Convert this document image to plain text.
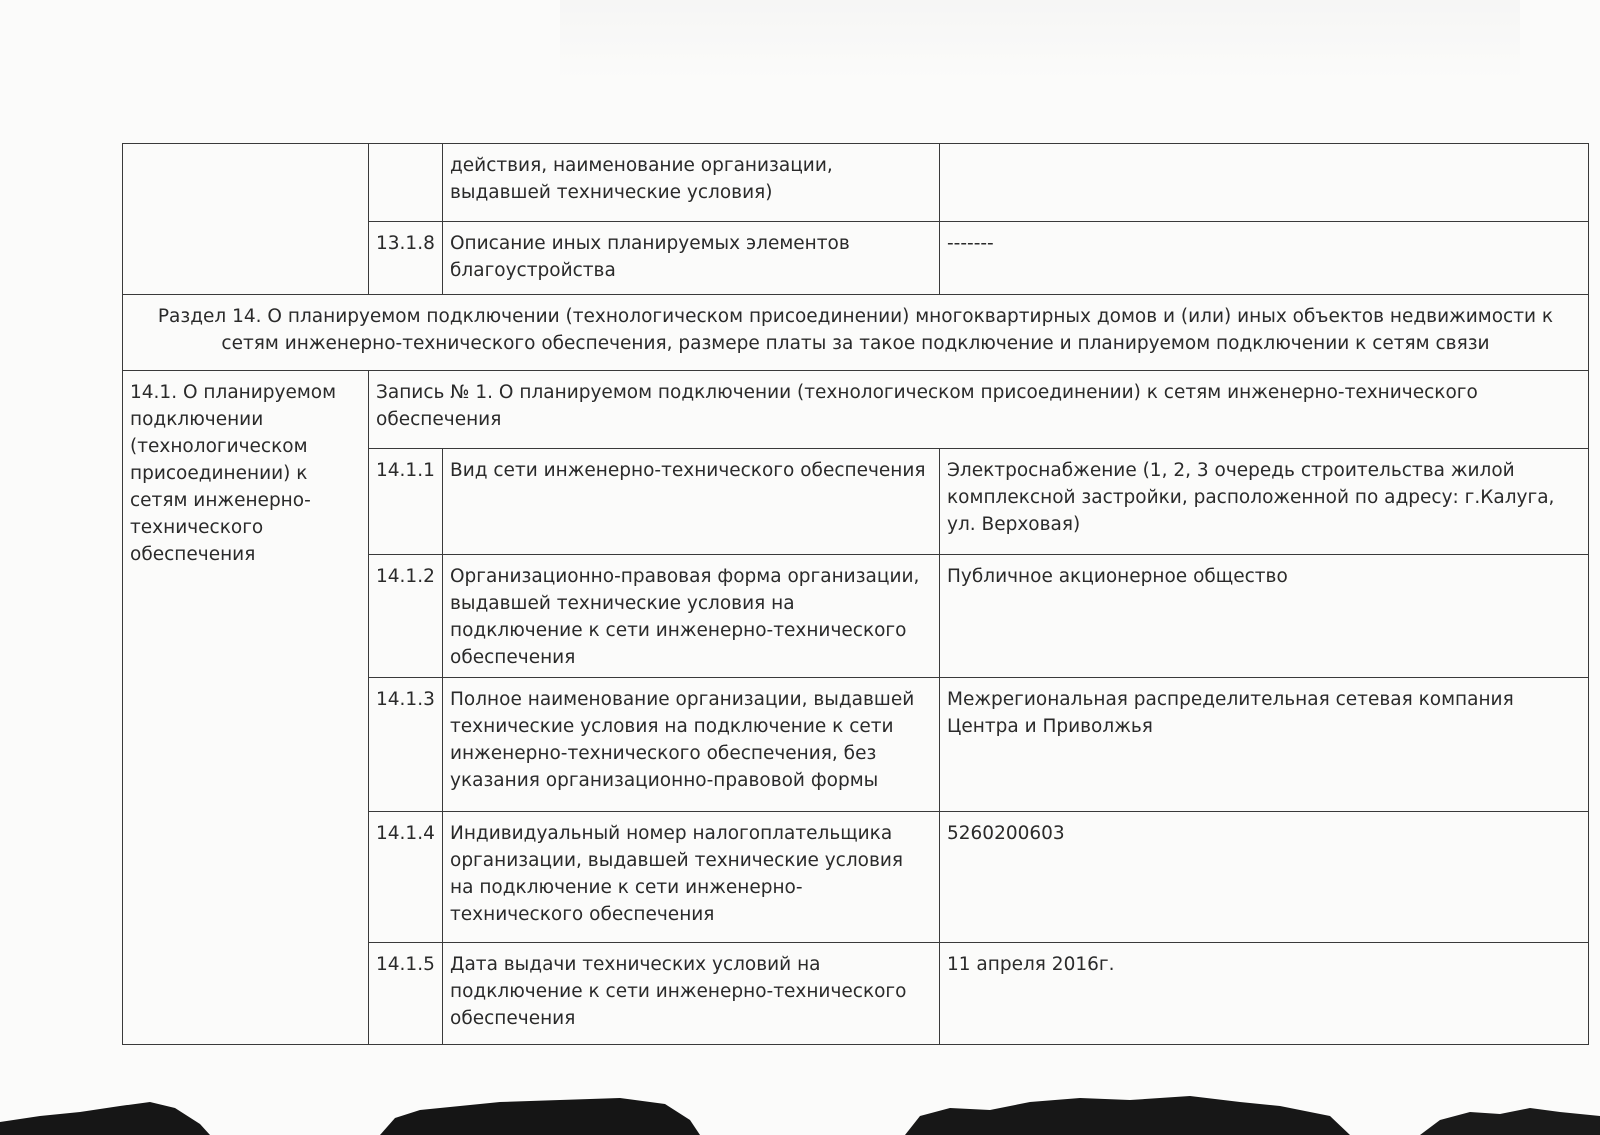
		действия, наименование организации, выдавшей технические условия)	
	13.1.8	Описание иных планируемых элементов благоустройства	-------
Раздел 14. О планируемом подключении (технологическом присоединении) многоквартирных домов и (или) иных объектов недвижимости к сетям инженерно-технического обеспечения, размере платы за такое подключение и планируемом подключении к сетям связи			
14.1. О планируемом подключении (технологическом присоединении) к сетям инженерно-технического обеспечения	Запись № 1. О планируемом подключении (технологическом присоединении) к сетям инженерно-технического обеспечения		
	14.1.1	Вид сети инженерно-технического обеспечения	Электроснабжение (1, 2, 3 очередь строительства жилой комплексной застройки, расположенной по адресу: г.Калуга, ул. Верховая)
	14.1.2	Организационно-правовая форма организации, выдавшей технические условия на подключение к сети инженерно-технического обеспечения	Публичное акционерное общество
	14.1.3	Полное наименование организации, выдавшей технические условия на подключение к сети инженерно-технического обеспечения, без указания организационно-правовой формы	Межрегиональная распределительная сетевая компания Центра и Приволжья
	14.1.4	Индивидуальный номер налогоплательщика организации, выдавшей технические условия на подключение к сети инженерно-технического обеспечения	5260200603
	14.1.5	Дата выдачи технических условий на подключение к сети инженерно-технического обеспечения	11 апреля 2016г.
